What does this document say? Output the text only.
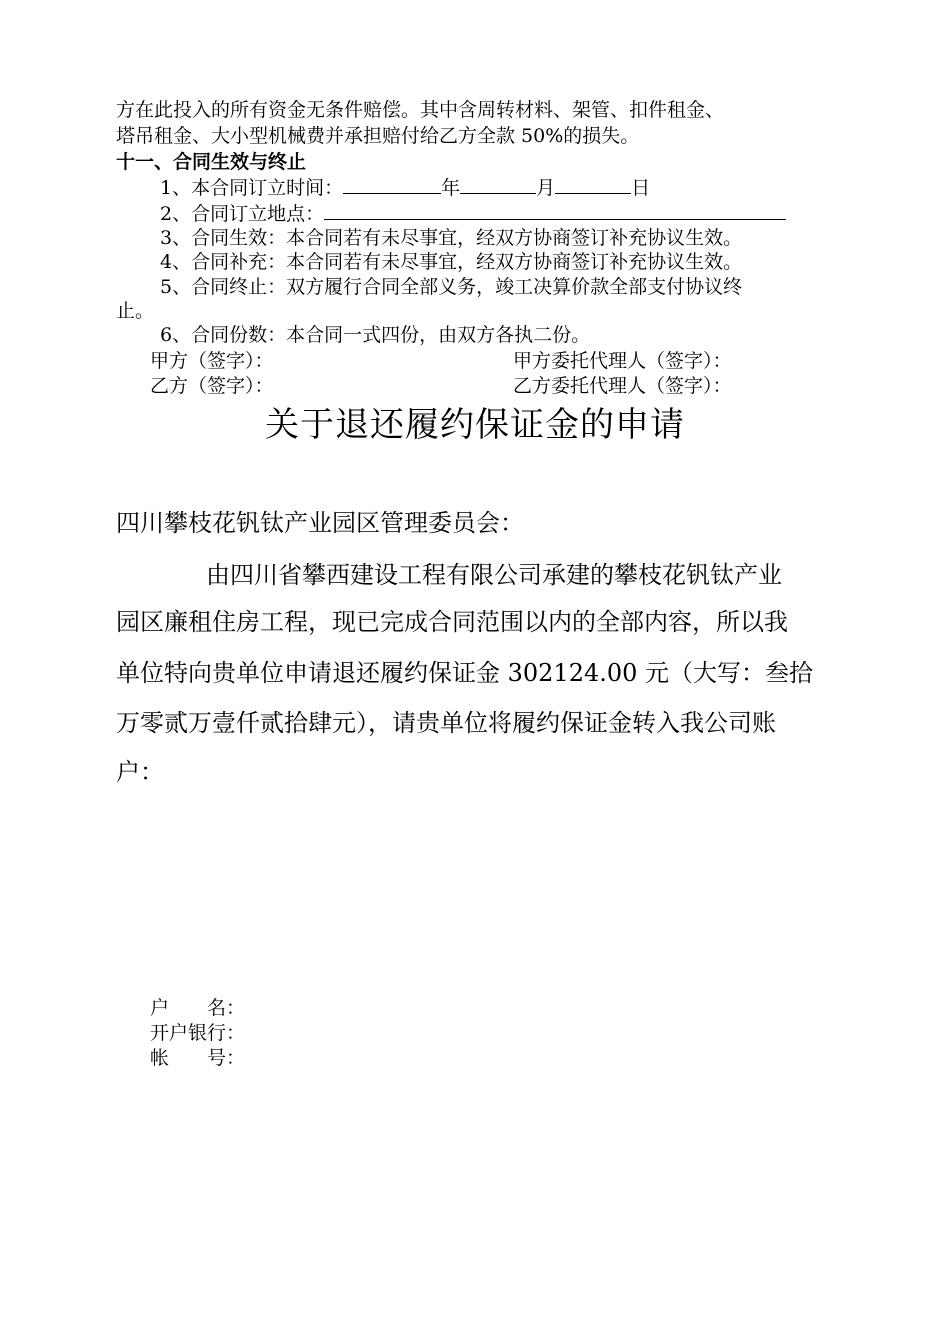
方在此投入的所有资金无条件赔偿。其中含周转材料、架管、扣件租金、
塔吊租金、大小型机械费并承担赔付给乙方全款 50%的损失。
十一、合同生效与终止
1、本合同订立时间：	年	月	日
2、合同订立地点：
3、合同生效：本合同若有未尽事宜，经双方协商签订补充协议生效。
4、合同补充：本合同若有未尽事宜，经双方协商签订补充协议生效。
5、合同终止：双方履行合同全部义务，竣工决算价款全部支付协议终
止。
6、合同份数：本合同一式四份，由双方各执二份。
甲方（签字）：	甲方委托代理人（签字）：
乙方（签字）：	乙方委托代理人（签字）：
关于退还履约保证金的申请
四川攀枝花钒钛产业园区管理委员会：
由四川省攀西建设工程有限公司承建的攀枝花钒钛产业
园区廉租住房工程，现已完成合同范围以内的全部内容，所以我
单位特向贵单位申请退还履约保证金 302124.00 元（大写：叁拾
万零贰万壹仟贰拾肆元），请贵单位将履约保证金转入我公司账
户：
户　　名：
开户银行：
帐　　号：
